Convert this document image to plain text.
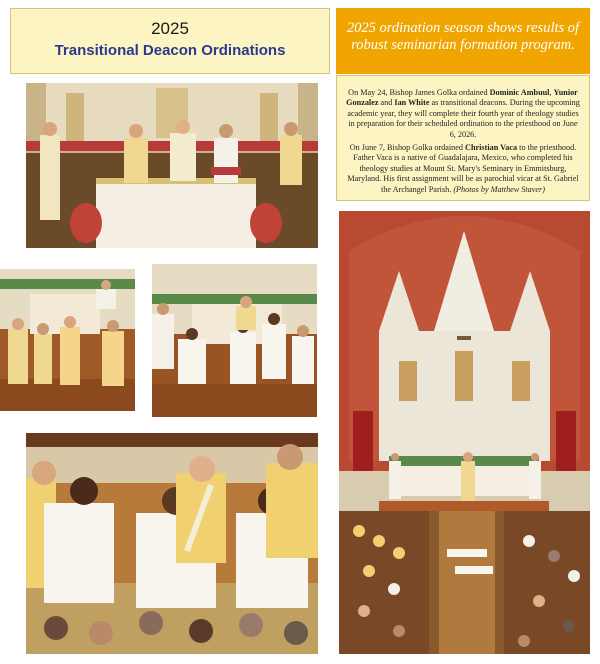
2025
Transitional Deacon Ordinations
2025 ordination season shows results of robust seminarian formation program.

On May 24, Bishop James Golka ordained Dominic Ambuul, Yunior Gonzalez and Ian White as transitional deacons. During the upcoming academic year, they will complete their fourth year of theology studies in preparation for their scheduled ordination to the priesthood on June 6, 2026.

On June 7, Bishop Golka ordained Christian Vaca to the priesthood. Father Vaca is a native of Guadalajara, Mexico, who completed his theology studies at Mount St. Mary's Seminary in Emmitsburg, Maryland. His first assignment will be as parochial vicar at St. Gabriel the Archangel Parish. (Photos by Matthew Staver)
